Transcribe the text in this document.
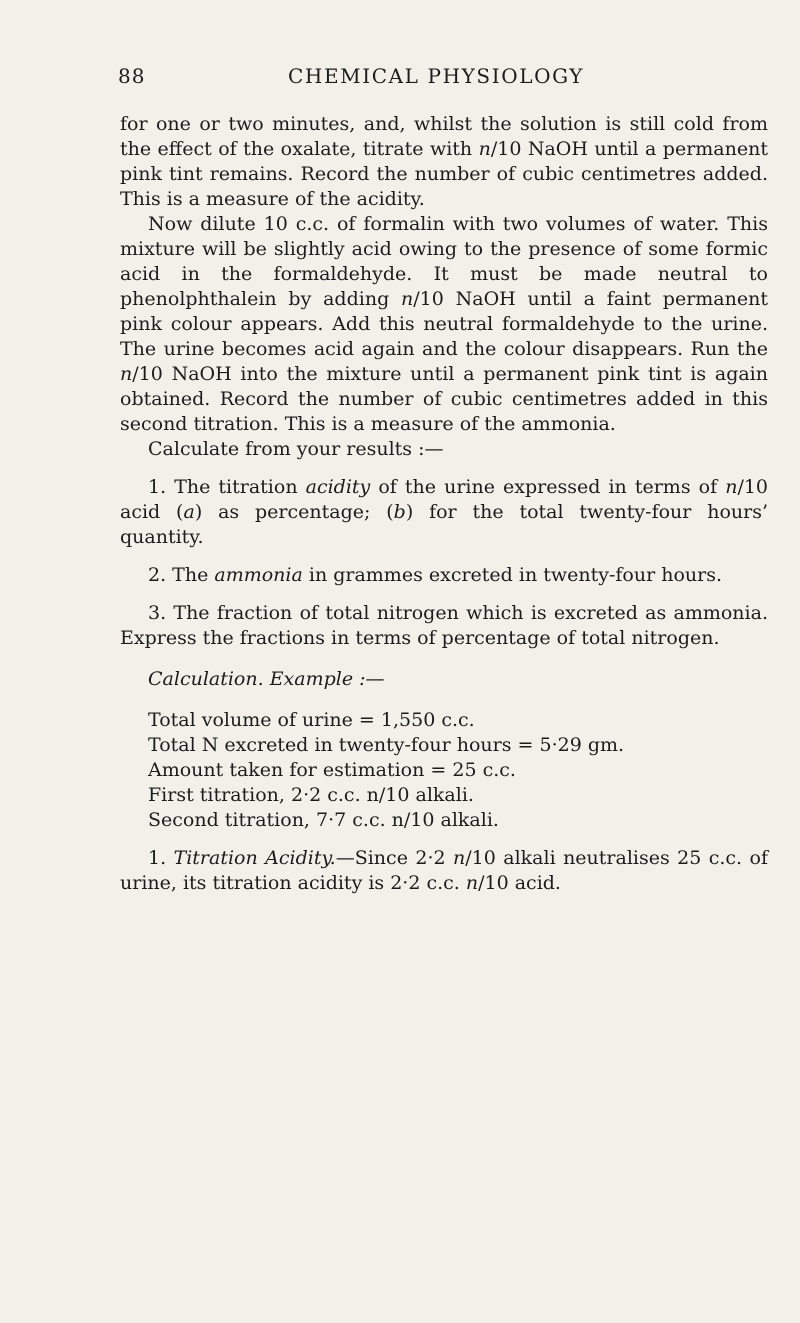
88	CHEMICAL PHYSIOLOGY

for one or two minutes, and, whilst the solution is still cold from the effect of the oxalate, titrate with n/10 NaOH until a permanent pink tint remains. Record the number of cubic centimetres added. This is a measure of the acidity.

Now dilute 10 c.c. of formalin with two volumes of water. This mixture will be slightly acid owing to the presence of some formic acid in the formaldehyde. It must be made neutral to phenolphthalein by adding n/10 NaOH until a faint permanent pink colour appears. Add this neutral formaldehyde to the urine. The urine becomes acid again and the colour disappears. Run the n/10 NaOH into the mixture until a permanent pink tint is again obtained. Record the number of cubic centimetres added in this second titration. This is a measure of the ammonia.

Calculate from your results :—

1. The titration acidity of the urine expressed in terms of n/10 acid (a) as percentage; (b) for the total twenty-four hours’ quantity.

2. The ammonia in grammes excreted in twenty-four hours.

3. The fraction of total nitrogen which is excreted as ammonia. Express the fractions in terms of percentage of total nitrogen.

Calculation. Example :—

Total volume of urine = 1,550 c.c.

Total N excreted in twenty-four hours = 5·29 gm.

Amount taken for estimation = 25 c.c.

First titration, 2·2 c.c. n/10 alkali.

Second titration, 7·7 c.c. n/10 alkali.

1. Titration Acidity.—Since 2·2 n/10 alkali neutralises 25 c.c. of urine, its titration acidity is 2·2 c.c. n/10 acid.
